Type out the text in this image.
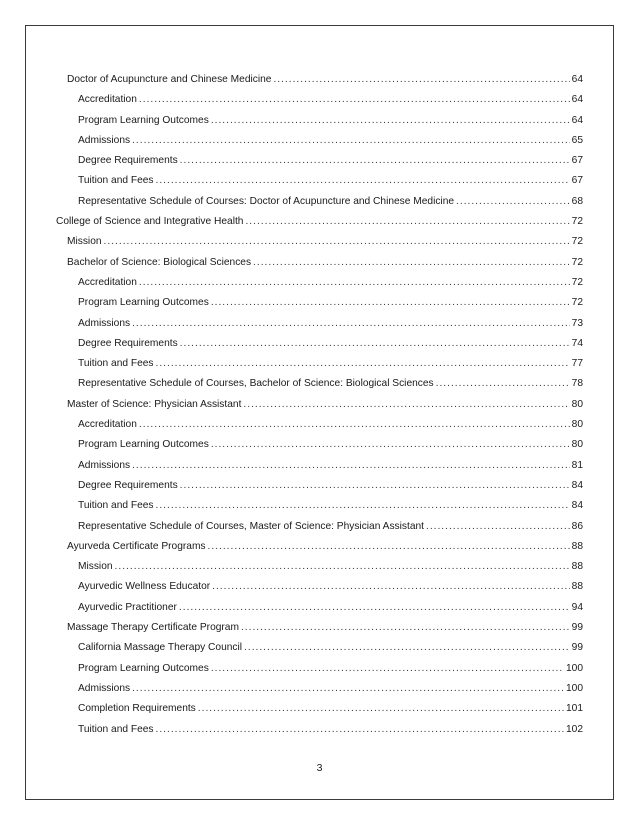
Doctor of Acupuncture and Chinese Medicine .....	64
Accreditation .....	64
Program Learning Outcomes .....	64
Admissions .....	65
Degree Requirements .....	67
Tuition and Fees .....	67
Representative Schedule of Courses: Doctor of Acupuncture and Chinese Medicine .....	68
College of Science and Integrative Health .....	72
Mission .....	72
Bachelor of Science: Biological Sciences .....	72
Accreditation .....	72
Program Learning Outcomes .....	72
Admissions .....	73
Degree Requirements .....	74
Tuition and Fees .....	77
Representative Schedule of Courses, Bachelor of Science: Biological Sciences .....	78
Master of Science: Physician Assistant .....	80
Accreditation .....	80
Program Learning Outcomes .....	80
Admissions .....	81
Degree Requirements .....	84
Tuition and Fees .....	84
Representative Schedule of Courses, Master of Science: Physician Assistant .....	86
Ayurveda Certificate Programs .....	88
Mission .....	88
Ayurvedic Wellness Educator .....	88
Ayurvedic Practitioner .....	94
Massage Therapy Certificate Program .....	99
California Massage Therapy Council .....	99
Program Learning Outcomes .....	100
Admissions .....	100
Completion Requirements .....	101
Tuition and Fees .....	102
3
